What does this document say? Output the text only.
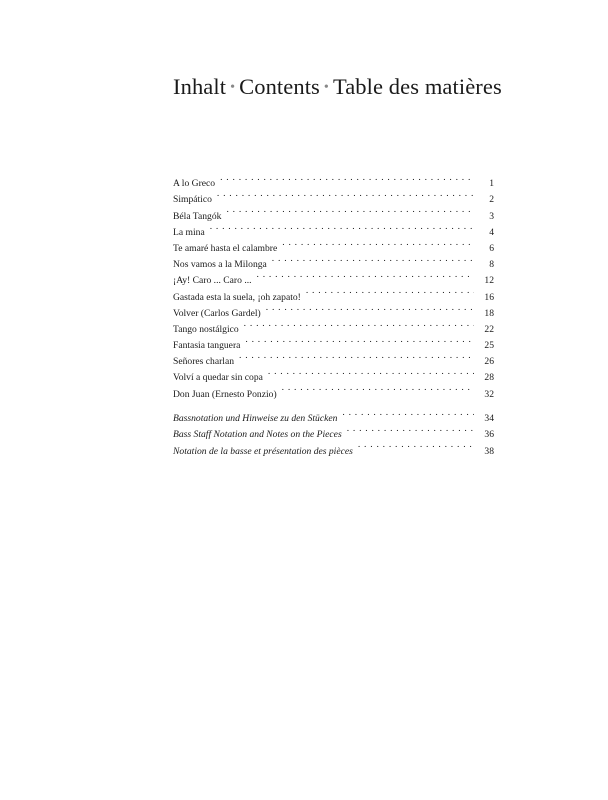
Inhalt • Contents • Table des matières
A lo Greco . . .	1
Simpático . . .	2
Béla Tangók . . .	3
La mina . . .	4
Te amaré hasta el calambre . . .	6
Nos vamos a la Milonga . . .	8
¡Ay! Caro ... Caro ... . . .	12
Gastada esta la suela, ¡oh zapato! . . .	16
Volver (Carlos Gardel) . . .	18
Tango nostálgico . . .	22
Fantasia tanguera . . .	25
Señores charlan . . .	26
Volví a quedar sin copa . . .	28
Don Juan (Ernesto Ponzio) . . .	32
Bassnotation und Hinweise zu den Stücken . . .	34
Bass Staff Notation and Notes on the Pieces . . .	36
Notation de la basse et présentation des pièces . . .	38
